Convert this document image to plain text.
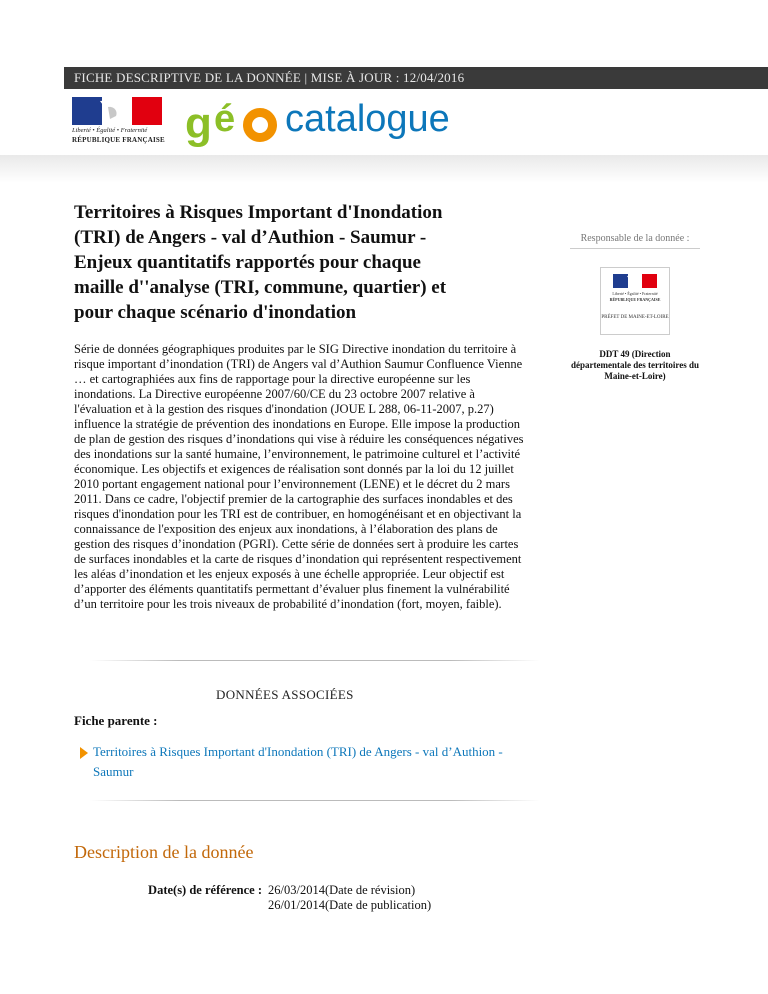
FICHE DESCRIPTIVE DE LA DONNÉE | MISE À JOUR : 12/04/2016
Liberté • Égalité • Fraternité
RÉPUBLIQUE FRANÇAISE g é catalogue
Territoires à Risques Important d'Inondation (TRI) de Angers - val d’Authion - Saumur - Enjeux quantitatifs rapportés pour chaque maille d''analyse (TRI, commune, quartier) et pour chaque scénario d'inondation

Série de données géographiques produites par le SIG Directive inondation du territoire à risque important d’inondation (TRI) de Angers val d’Authion Saumur Confluence Vienne … et cartographiées aux fins de rapportage pour la directive européenne sur les inondations. La Directive européenne 2007/60/CE du 23 octobre 2007 relative à l'évaluation et à la gestion des risques d'inondation (JOUE L 288, 06-11-2007, p.27) influence la stratégie de prévention des inondations en Europe. Elle impose la production de plan de gestion des risques d’inondations qui vise à réduire les conséquences négatives des inondations sur la santé humaine, l’environnement, le patrimoine culturel et l’activité économique. Les objectifs et exigences de réalisation sont donnés par la loi du 12 juillet 2010 portant engagement national pour l’environnement (LENE) et le décret du 2 mars 2011. Dans ce cadre, l'objectif premier de la cartographie des surfaces inondables et des risques d'inondation pour les TRI est de contribuer, en homogénéisant et en objectivant la connaissance de l'exposition des enjeux aux inondations, à l’élaboration des plans de gestion des risques d’inondation (PGRI). Cette série de données sert à produire les cartes de surfaces inondables et la carte de risques d’inondation qui représentent respectivement les aléas d’inondation et les enjeux exposés à une échelle appropriée. Leur objectif est d’apporter des éléments quantitatifs permettant d’évaluer plus finement la vulnérabilité d’un territoire pour les trois niveaux de probabilité d’inondation (fort, moyen, faible).

Responsable de la donnée :
Liberté • Égalité • Fraternité
RÉPUBLIQUE FRANÇAISE
PRÉFET DE MAINE-ET-LOIRE
DDT 49 (Direction départementale des territoires du Maine-et-Loire)
DONNÉES ASSOCIÉES
Fiche parente :
Territoires à Risques Important d'Inondation (TRI) de Angers - val d’Authion - Saumur
Description de la donnée
Date(s) de référence : 26/03/2014(Date de révision)
26/01/2014(Date de publication)
